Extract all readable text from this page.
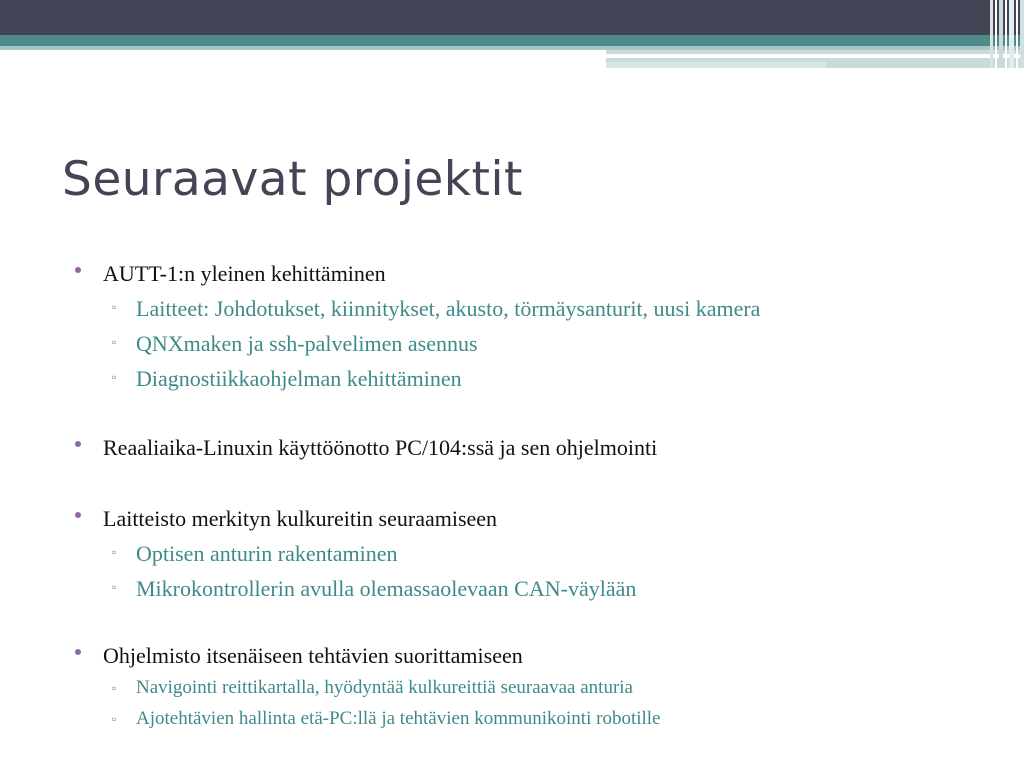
Seuraavat projektit
AUTT-1:n yleinen kehittäminen
▫ Laitteet: Johdotukset, kiinnitykset, akusto, törmäysanturit, uusi kamera
▫ QNXmaken ja ssh-palvelimen asennus
▫ Diagnostiikkaohjelman kehittäminen
Reaaliaika-Linuxin käyttöönotto PC/104:ssä ja sen ohjelmointi
Laitteisto merkityn kulkureitin seuraamiseen
▫ Optisen anturin rakentaminen
▫ Mikrokontrollerin avulla olemassaolevaan CAN-väylään
Ohjelmisto itsenäiseen tehtävien suorittamiseen
▫ Navigointi reittikartalla, hyödyntää kulkureittiä seuraavaa anturia
▫ Ajotehtävien hallinta etä-PC:llä ja tehtävien kommunikointi robotille
